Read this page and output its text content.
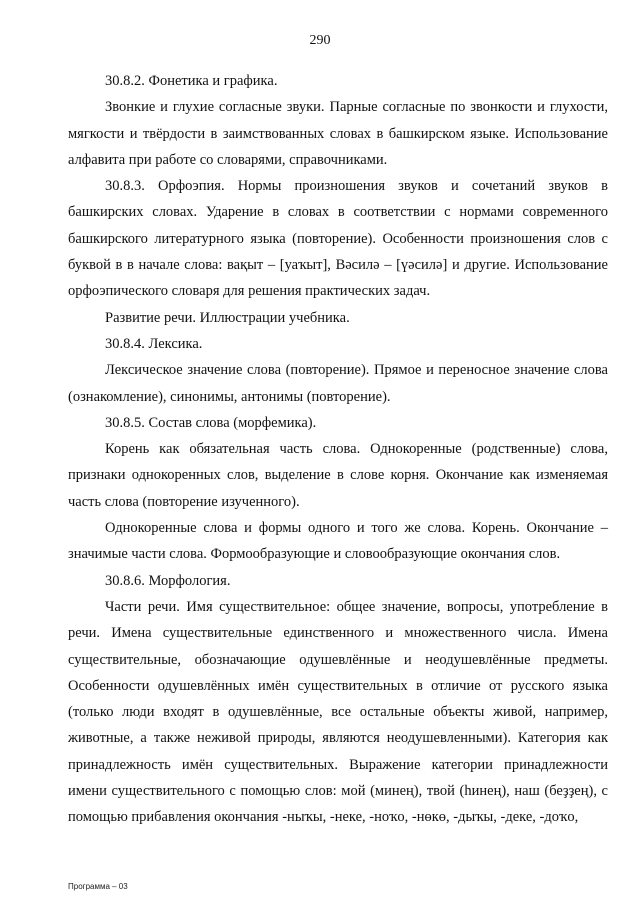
290

30.8.2. Фонетика и графика.

Звонкие и глухие согласные звуки. Парные согласные по звонкости и глухости, мягкости и твёрдости в заимствованных словах в башкирском языке. Использование алфавита при работе со словарями, справочниками.

30.8.3. Орфоэпия. Нормы произношения звуков и сочетаний звуков в башкирских словах. Ударение в словах в соответствии с нормами современного башкирского литературного языка (повторение). Особенности произношения слов с буквой в в начале слова: вақыт – [уаҡыт], Вәсилә – [үәсилә] и другие. Использование орфоэпического словаря для решения практических задач.

Развитие речи. Иллюстрации учебника.

30.8.4. Лексика.

Лексическое значение слова (повторение). Прямое и переносное значение слова (ознакомление), синонимы, антонимы (повторение).

30.8.5. Состав слова (морфемика).

Корень как обязательная часть слова. Однокоренные (родственные) слова, признаки однокоренных слов, выделение в слове корня. Окончание как изменяемая часть слова (повторение изученного).

Однокоренные слова и формы одного и того же слова. Корень. Окончание – значимые части слова. Формообразующие и словообразующие окончания слов.

30.8.6. Морфология.

Части речи. Имя существительное: общее значение, вопросы, употребление в речи. Имена существительные единственного и множественного числа. Имена существительные, обозначающие одушевлённые и неодушевлённые предметы. Особенности одушевлённых имён существительных в отличие от русского языка (только люди входят в одушевлённые, все остальные объекты живой, например, животные, а также неживой природы, являются неодушевленными). Категория как принадлежность имён существительных. Выражение категории принадлежности имени существительного с помощью слов: мой (минең), твой (һинең), наш (беҙҙең), с помощью прибавления окончания -ныҡы, -неке, -ноҡо, -нөкө, -дыҡы, -деке, -доҡо,

Программа – 03
